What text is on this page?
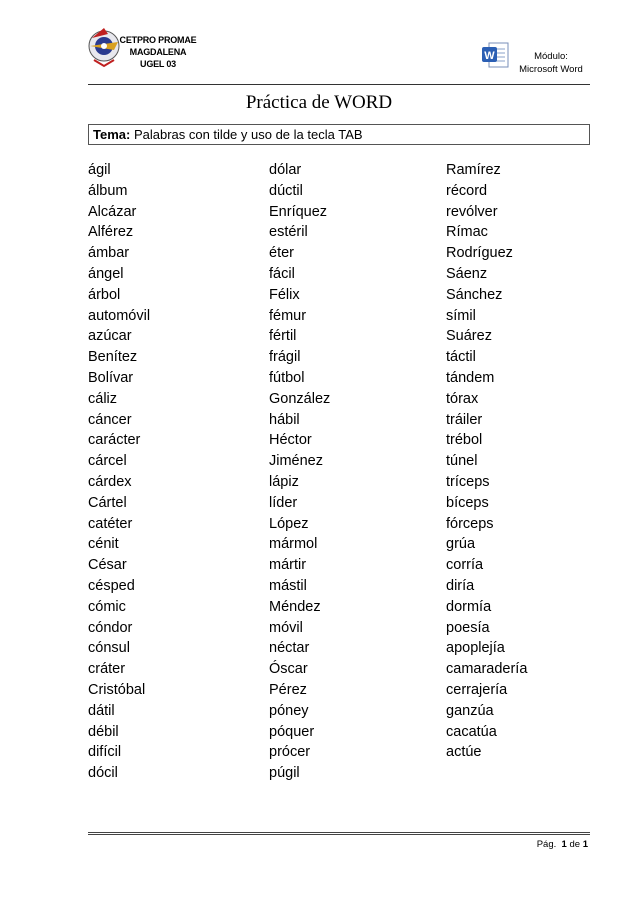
CETPRO PROMAE
MAGDALENA
UGEL 03
W	Módulo:
Microsoft Word
Práctica de WORD
Tema: Palabras con tilde y uso de la tecla TAB
ágil
álbum
Alcázar
Alférez
ámbar
ángel
árbol
automóvil
azúcar
Benítez
Bolívar
cáliz
cáncer
carácter
cárcel
cárdex
Cártel
catéter
cénit
César
césped
cómic
cóndor
cónsul
cráter
Cristóbal
dátil
débil
difícil
dócil
dólar
dúctil
Enríquez
estéril
éter
fácil
Félix
fémur
fértil
frágil
fútbol
González
hábil
Héctor
Jiménez
lápiz
líder
López
mármol
mártir
mástil
Méndez
móvil
néctar
Óscar
Pérez
póney
póquer
prócer
púgil
Ramírez
récord
revólver
Rímac
Rodríguez
Sáenz
Sánchez
símil
Suárez
táctil
tándem
tórax
tráiler
trébol
túnel
tríceps
bíceps
fórceps
grúa
corría
diría
dormía
poesía
apoplejía
camaradería
cerrajería
ganzúa
cacatúa
actúe
Pág. 1 de 1
